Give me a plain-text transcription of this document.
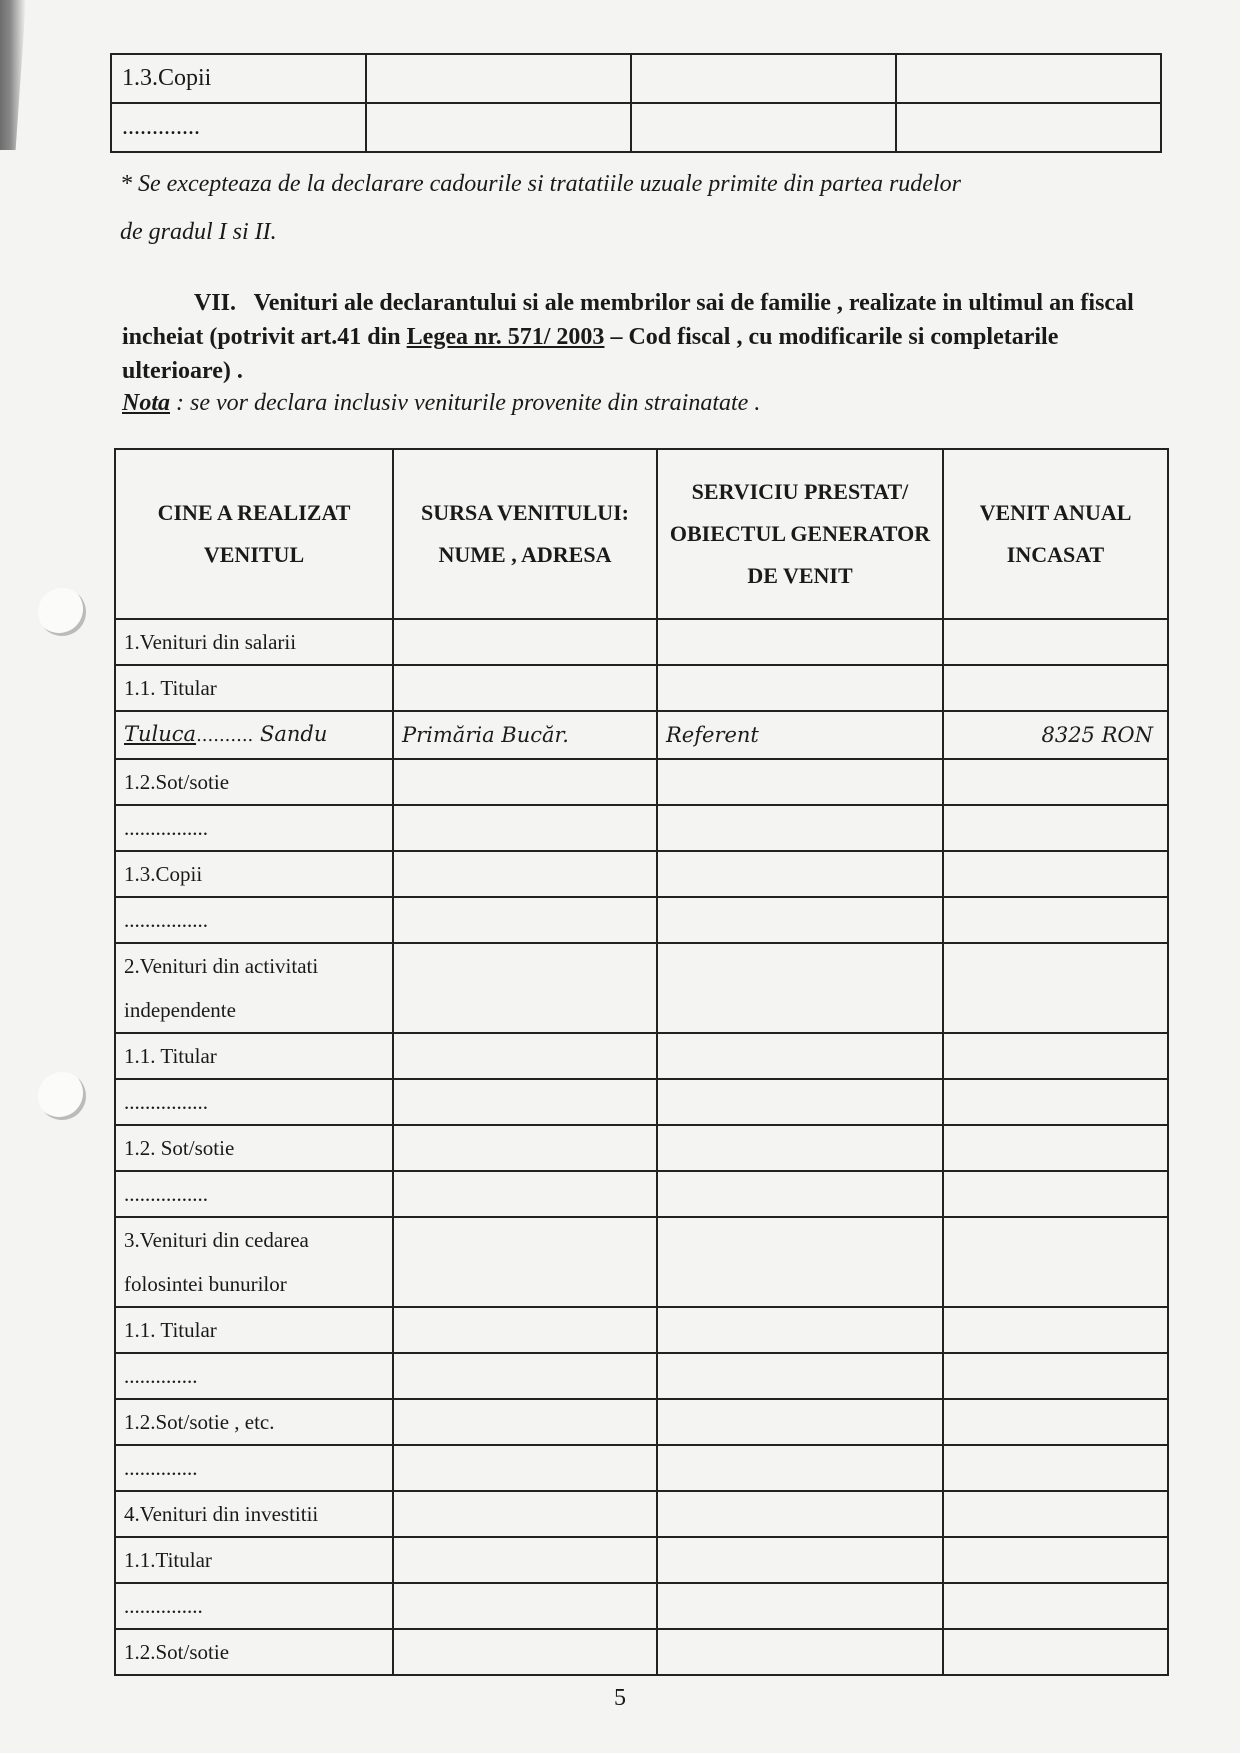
1.3.Copii			
.............			
* Se excepteaza de la declarare cadourile si tratatiile uzuale primite din partea rudelor
de gradul I si II.
VII. Venituri ale declarantului si ale membrilor sai de familie , realizate in ultimul an fiscal incheiat (potrivit art.41 din Legea nr. 571/ 2003 – Cod fiscal , cu modificarile si completarile ulterioare) .
Nota : se vor declara inclusiv veniturile provenite din strainatate .
CINE A REALIZAT VENITUL	SURSA VENITULUI: NUME , ADRESA	SERVICIU PRESTAT/ OBIECTUL GENERATOR DE VENIT	VENIT ANUAL INCASAT
1.Venituri din salarii			
1.1. Titular			
Tuluca.......... Sandu	Primăria Bucăr.	Referent	8325 RON
1.2.Sot/sotie			
................			
1.3.Copii			
................			
2.Venituri din activitati independente			
1.1. Titular			
................			
1.2. Sot/sotie			
................			
3.Venituri din cedarea folosintei bunurilor			
1.1. Titular			
..............			
1.2.Sot/sotie , etc.			
..............			
4.Venituri din investitii			
1.1.Titular			
...............			
1.2.Sot/sotie			
5
